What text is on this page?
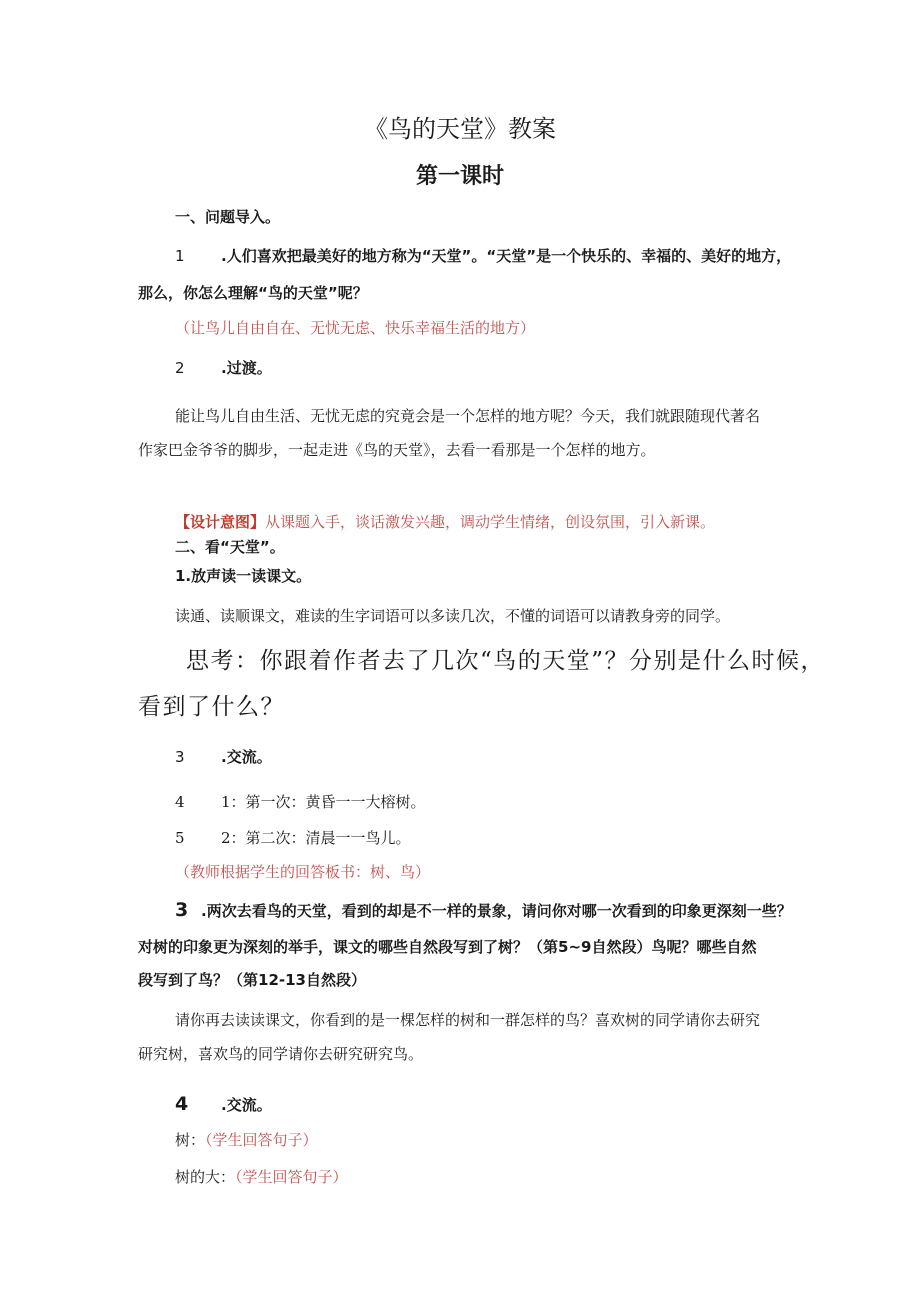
《鸟的天堂》教案
第一课时
一、问题导入。
1 .人们喜欢把最美好的地方称为“天堂”。“天堂”是一个快乐的、幸福的、美好的地方，
那么，你怎么理解“鸟的天堂”呢？
（让鸟儿自由自在、无忧无虑、快乐幸福生活的地方）
2 .过渡。
能让鸟儿自由生活、无忧无虑的究竟会是一个怎样的地方呢？今天，我们就跟随现代著名
作家巴金爷爷的脚步，一起走进《鸟的天堂》，去看一看那是一个怎样的地方。
【设计意图】从课题入手，谈话激发兴趣，调动学生情绪，创设氛围，引入新课。
二、看“天堂”。
1.放声读一读课文。
读通、读顺课文，难读的生字词语可以多读几次，不懂的词语可以请教身旁的同学。
思考：你跟着作者去了几次“鸟的天堂”？分别是什么时候，
看到了什么？
3 .交流。
4 1：第一次：黄昏一一大榕树。
5 2：第二次：清晨一一鸟儿。
（教师根据学生的回答板书：树、鸟）
3 .两次去看鸟的天堂，看到的却是不一样的景象，请问你对哪一次看到的印象更深刻一些？
对树的印象更为深刻的举手，课文的哪些自然段写到了树？（第5~9自然段）鸟呢？哪些自然
段写到了鸟？（第12-13自然段）
请你再去读读课文，你看到的是一棵怎样的树和一群怎样的鸟？喜欢树的同学请你去研究
研究树，喜欢鸟的同学请你去研究研究鸟。
4 .交流。
树：（学生回答句子）
树的大：（学生回答句子）
